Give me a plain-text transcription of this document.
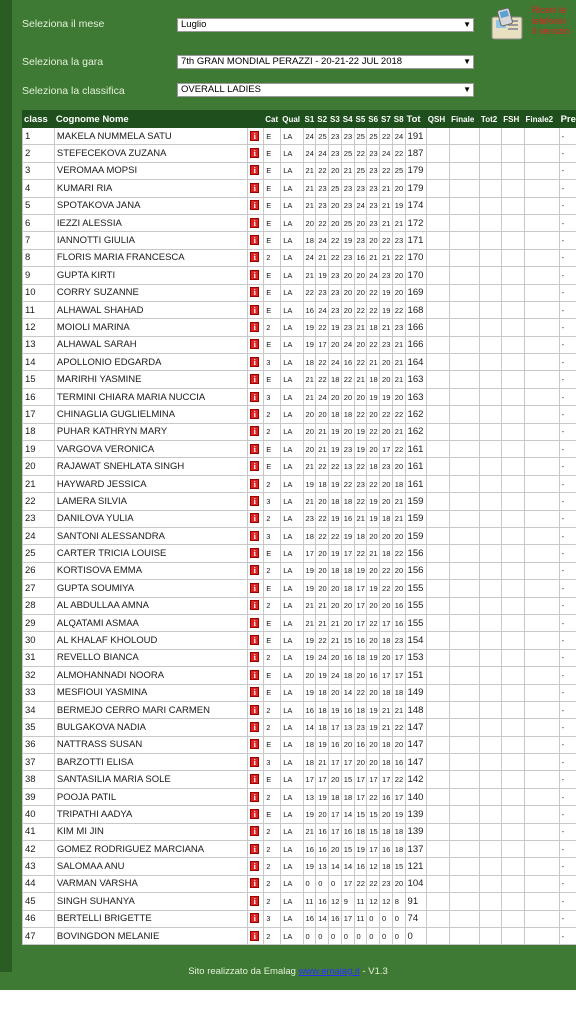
Seleziona il mese	Luglio	▼
Seleziona la gara	7th GRAN MONDIAL PERAZZI - 20-21-22 JUL 2018	▼
Seleziona la classifica	OVERALL LADIES	▼
Ricevi le
telefonin
Il servizio
class	Cognome Nome		Cat	Qual	S1	S2	S3	S4	S5	S6	S7	S8	Tot	QSH	Finale	Tot2	FSH	Finale2	Pre
1	MAKELA NUMMELA SATU	i	E	LA	24	25	23	23	25	25	22	24	191						-
2	STEFECEKOVA ZUZANA	i	E	LA	24	24	23	25	22	23	24	22	187						-
3	VEROMAA MOPSI	i	E	LA	21	22	20	21	25	23	22	25	179						-
4	KUMARI RIA	i	E	LA	21	23	25	23	23	23	21	20	179						-
5	SPOTAKOVA JANA	i	E	LA	21	23	20	23	24	23	21	19	174						-
6	IEZZI ALESSIA	i	E	LA	20	22	20	25	20	23	21	21	172						-
7	IANNOTTI GIULIA	i	E	LA	18	24	22	19	23	20	22	23	171						-
8	FLORIS MARIA FRANCESCA	i	2	LA	24	21	22	23	16	21	21	22	170						-
9	GUPTA KIRTI	i	E	LA	21	19	23	20	20	24	23	20	170						-
10	CORRY SUZANNE	i	E	LA	22	23	23	20	20	22	19	20	169						-
11	ALHAWAL SHAHAD	i	E	LA	16	24	23	20	22	22	19	22	168						-
12	MOIOLI MARINA	i	2	LA	19	22	19	23	21	18	21	23	166						-
13	ALHAWAL SARAH	i	E	LA	19	17	20	24	20	22	23	21	166						-
14	APOLLONIO EDGARDA	i	3	LA	18	22	24	16	22	21	20	21	164						-
15	MARIRHI YASMINE	i	E	LA	21	22	18	22	21	18	20	21	163						-
16	TERMINI CHIARA MARIA NUCCIA	i	3	LA	21	24	20	20	20	19	19	20	163						-
17	CHINAGLIA GUGLIELMINA	i	2	LA	20	20	18	18	22	20	22	22	162						-
18	PUHAR KATHRYN MARY	i	2	LA	20	21	19	20	19	22	20	21	162						-
19	VARGOVA VERONICA	i	E	LA	20	21	19	23	19	20	17	22	161						-
20	RAJAWAT SNEHLATA SINGH	i	E	LA	21	22	22	13	22	18	23	20	161						-
21	HAYWARD JESSICA	i	2	LA	19	18	19	22	23	22	20	18	161						-
22	LAMERA SILVIA	i	3	LA	21	20	18	18	22	19	20	21	159						-
23	DANILOVA YULIA	i	2	LA	23	22	19	16	21	19	18	21	159						-
24	SANTONI ALESSANDRA	i	3	LA	18	22	22	19	18	20	20	20	159						-
25	CARTER TRICIA LOUISE	i	E	LA	17	20	19	17	22	21	18	22	156						-
26	KORTISOVA EMMA	i	2	LA	19	20	18	18	19	20	22	20	156						-
27	GUPTA SOUMIYA	i	E	LA	19	20	20	18	17	19	22	20	155						-
28	AL ABDULLAA AMNA	i	2	LA	21	21	20	20	17	20	20	16	155						-
29	ALQATAMI ASMAA	i	E	LA	21	21	21	20	17	22	17	16	155						-
30	AL KHALAF KHOLOUD	i	E	LA	19	22	21	15	16	20	18	23	154						-
31	REVELLO BIANCA	i	2	LA	19	24	20	16	18	19	20	17	153						-
32	ALMOHANNADI NOORA	i	E	LA	20	19	24	18	20	16	17	17	151						-
33	MESFIOUI YASMINA	i	E	LA	19	18	20	14	22	20	18	18	149						-
34	BERMEJO CERRO MARI CARMEN	i	2	LA	16	18	19	16	18	19	21	21	148						-
35	BULGAKOVA NADIA	i	2	LA	14	18	17	13	23	19	21	22	147						-
36	NATTRASS SUSAN	i	E	LA	18	19	16	20	16	20	18	20	147						-
37	BARZOTTI ELISA	i	3	LA	18	21	17	17	20	20	18	16	147						-
38	SANTASILIA MARIA SOLE	i	E	LA	17	17	20	15	17	17	17	22	142						-
39	POOJA PATIL	i	2	LA	13	19	18	18	17	22	16	17	140						-
40	TRIPATHI AADYA	i	E	LA	19	20	17	14	15	15	20	19	139						-
41	KIM MI JIN	i	2	LA	21	16	17	16	18	15	18	18	139						-
42	GOMEZ RODRIGUEZ MARCIANA	i	2	LA	16	16	20	15	19	17	16	18	137						-
43	SALOMAA ANU	i	2	LA	19	13	14	14	16	12	18	15	121						-
44	VARMAN VARSHA	i	2	LA	0	0	0	17	22	22	23	20	104						-
45	SINGH SUHANYA	i	2	LA	11	16	12	9	11	12	12	8	91						-
46	BERTELLI BRIGETTE	i	3	LA	16	14	16	17	11	0	0	0	74						-
47	BOVINGDON MELANIE	i	2	LA	0	0	0	0	0	0	0	0	0						-
Sito realizzato da Emalag www.emalag.it - V1.3
